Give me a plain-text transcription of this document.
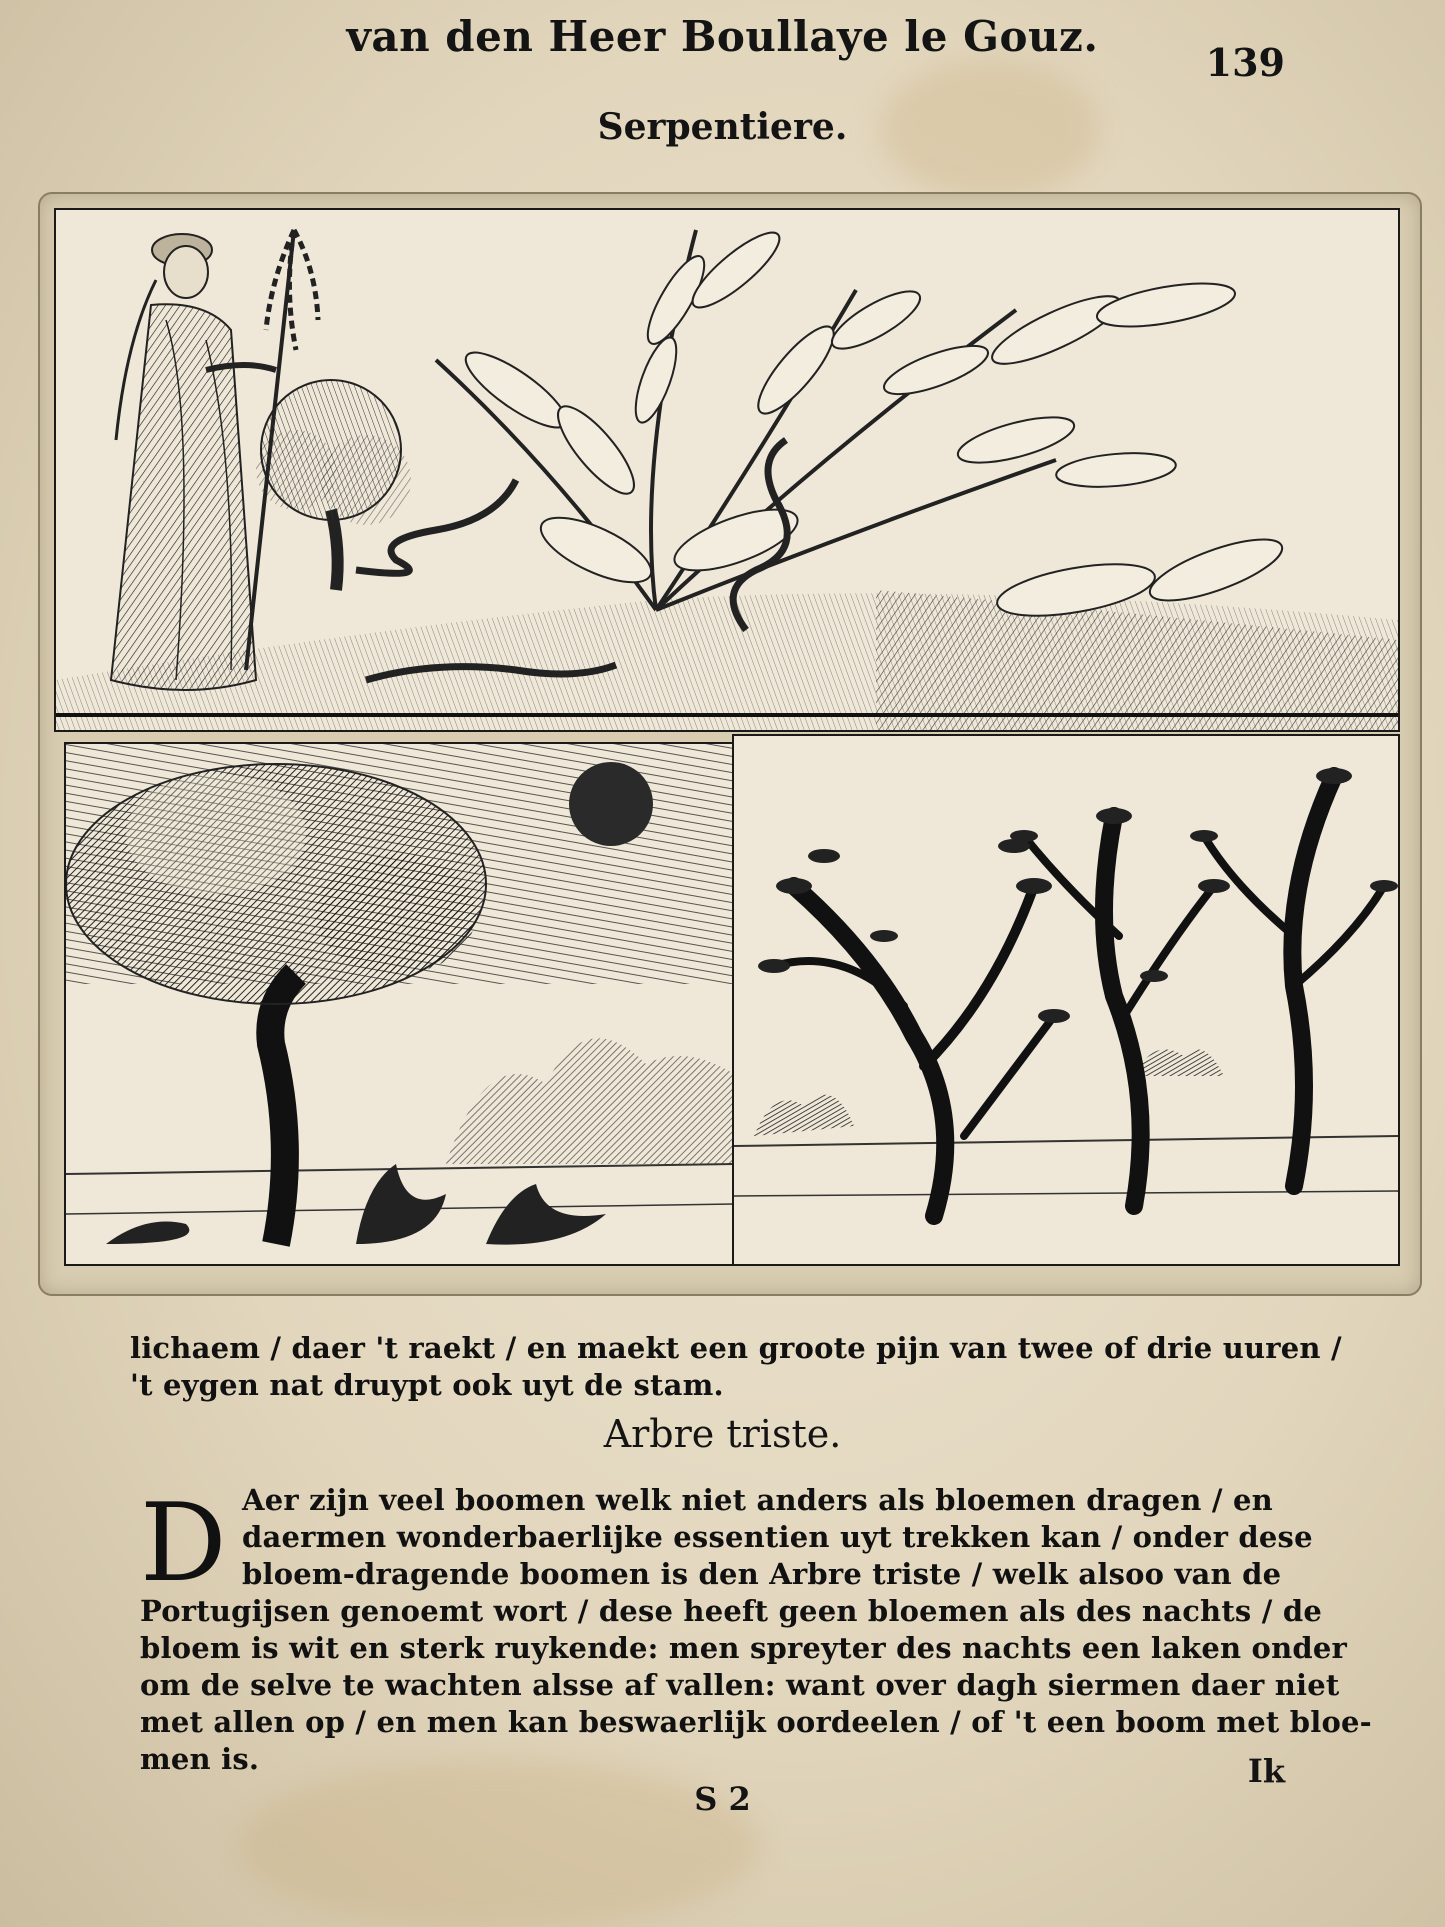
van den Heer Boullaye le Gouz.
139
Serpentiere.
lichaem / daer 't raekt / en maekt een groote pijn van twee of drie uuren /
't eygen nat druypt ook uyt de stam.
Arbre triste.
D Aer zijn veel boomen welk niet anders als bloemen dragen / en
daermen wonderbaerlijke essentien uyt trekken kan / onder dese
bloem-dragende boomen is den Arbre triste / welk alsoo van de
Portugijsen genoemt wort / dese heeft geen bloemen als des nachts / de
bloem is wit en sterk ruykende: men spreyter des nachts een laken onder
om de selve te wachten alsse af vallen: want over dagh siermen daer niet
met allen op / en men kan beswaerlijk oordeelen / of 't een boom met bloe-
men is.	Ik
S 2
